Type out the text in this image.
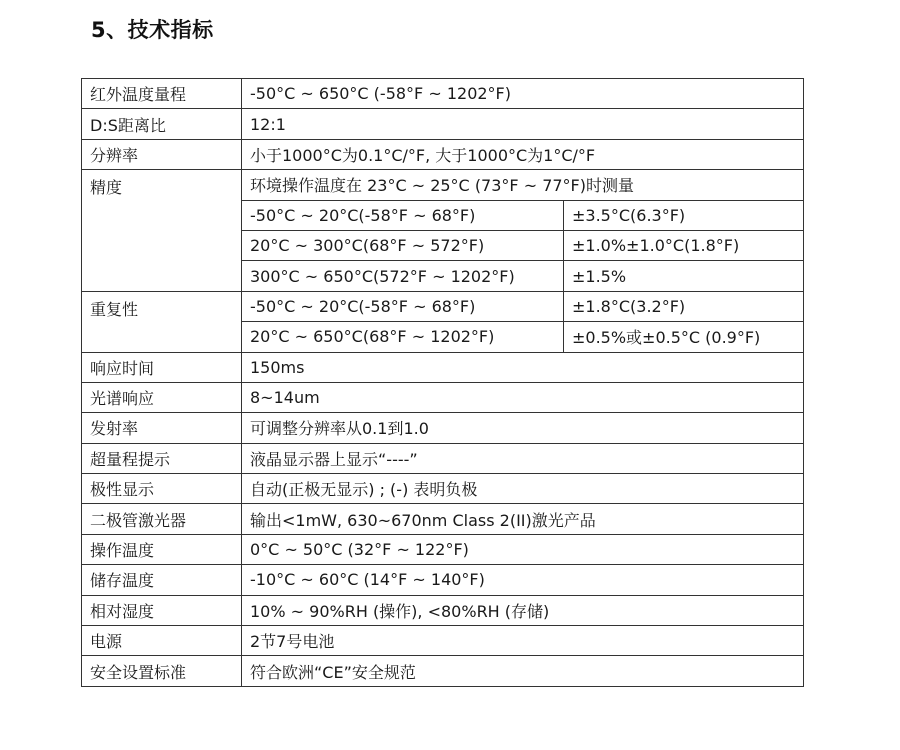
5、技术指标
红外温度量程	-50°C ~ 650°C (-58°F ~ 1202°F)	
D:S距离比	12:1	
分辨率	小于1000°C为0.1°C/°F, 大于1000°C为1°C/°F	
精度	环境操作温度在 23°C ~ 25°C (73°F ~ 77°F)时测量	
	-50°C ~ 20°C(-58°F ~ 68°F)	±3.5°C(6.3°F)
	20°C ~ 300°C(68°F ~ 572°F)	±1.0%±1.0°C(1.8°F)
	300°C ~ 650°C(572°F ~ 1202°F)	±1.5%
重复性	-50°C ~ 20°C(-58°F ~ 68°F)	±1.8°C(3.2°F)
	20°C ~ 650°C(68°F ~ 1202°F)	±0.5%或±0.5°C (0.9°F)
响应时间	150ms	
光谱响应	8~14um	
发射率	可调整分辨率从0.1到1.0	
超量程提示	液晶显示器上显示“----”	
极性显示	自动(正极无显示) ; (-) 表明负极	
二极管激光器	输出<1mW, 630~670nm Class 2(II)激光产品	
操作温度	0°C ~ 50°C (32°F ~ 122°F)	
储存温度	-10°C ~ 60°C (14°F ~ 140°F)	
相对湿度	10% ~ 90%RH (操作), <80%RH (存储)	
电源	2节7号电池	
安全设置标准	符合欧洲“CE”安全规范	
